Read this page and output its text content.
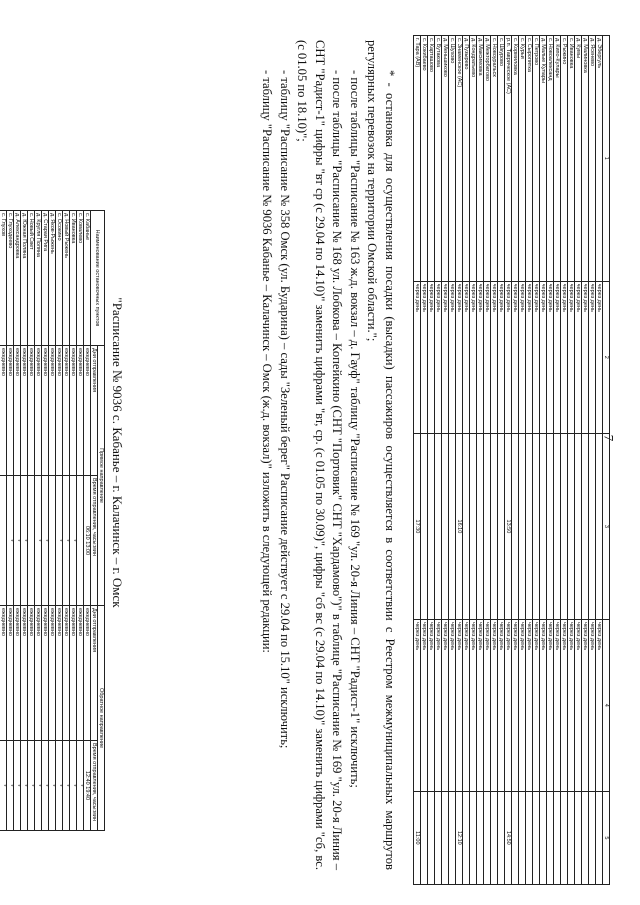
7
1	2	3	4	5
д. Эбергуль	через день		через день	
д. Ясенево	через день		через день	
д. Малиновка	через день		через день	
д. Кумы	через день		через день	
с. Ивановка	через день		через день	
с. Рыжино	через день		через день	
д. Кипо-Кулары	через день		через день	
с. Новоалександ	через день		через день	
д. Малые Кулары	через день		через день	
с. Петрово	через день		через день	
с. Сыропятка	через день		через день	
с. Курьи	через день		через день	
с. Кормиловка	через день		через день	
р.п. Таврическое (АС)	через день	13:50	через день	14:50
с. Шкурово	через день		через день	
с. Новоуральск	через день		через день	
д. Межгорбатово	через день		через день	
д. Максимовка	через день		через день	
д. Кондратьево	через день		через день	
д. Пузырево	через день		через день	
с. Знаменское (АС)	через день	16:10	через день	12:10
с. Шухово	через день		через день	
д. Меньшиково	через день		через день	
с. Бутакова	через день		через день	
с. Карташово	через день		через день	
с. Кокибаево	через день		через день	
г. Тара (АВ)	через день	17:30	через день	11:00

* - остановка для осуществления посадки (высадки) пассажиров осуществляется в соответствии с Реестром межмуниципальных маршрутов регулярных перевозок на территории Омской области.";

- после таблицы "Расписание № 163 ж.д. вокзал – д. Гауф" таблицу "Расписание № 169 "ул. 20-я Линия – СНТ "Радист-1" исключить;

- после таблицы "Расписание № 168 ул. Лобкова – Копейкино (СНТ "Портовик" СНТ "Хардамово")" в таблице "Расписание № 169 "ул. 20-я Линия – СНТ "Радист-1" цифры "вт ср (с 29.04 по 14.10)" заменить цифрами "вт, ср. (с 01.05 по 30.09)", цифры "сб вс (с 29.04 по 14.10)" заменить цифрами "сб, вс. (с 01.05 по 18.10)";

- таблицу "Расписание № 358 Омск (ул. Бударина) – сады "Зеленый берег" Расписание действует с 29.04 по 15.10" исключить;

- таблицу "Расписание № 9036 Кабанье – Калачинск – Омск (ж.д. вокзал)" изложить в следующей редакции:

"Расписание № 9036 с. Кабанье – г. Калачинск – г. Омск
Наименование остановочных пунктов	Прямое направление		Обратное направление	
	Дни отправления	Время отправления, часы:мин	Дни отправления	Время отправления, часы:мин
с. Кабанье	ежедневно	06:10 13:00	ежедневно	12:40 19:40
с. Ковалево	ежедневно		ежедневно	*
с. Ивановка	ежедневно	*	ежедневно	*
д. Новый Рыжень	ежедневно	*	ежедневно	*
с. Осокино	ежедневно	*	ежедневно	*
д. Яков-Рыжень	ежедневно		ежедневно	*
д. Старая Рига	ежедневно	*	ежедневно	*
д. Кругля Поляна	ежедневно	*	ежедневно	*
с. Новый Свет	ежедневно		ежедневно	*
д. Южная Поляна	ежедневно	*	ежедневно	*
д. Александровка	ежедневно	*	ежедневно	*
с. Глуходеево	ежедневно	*	ежедневно	*
с. Глухов	ежедневно		ежедневно	*
